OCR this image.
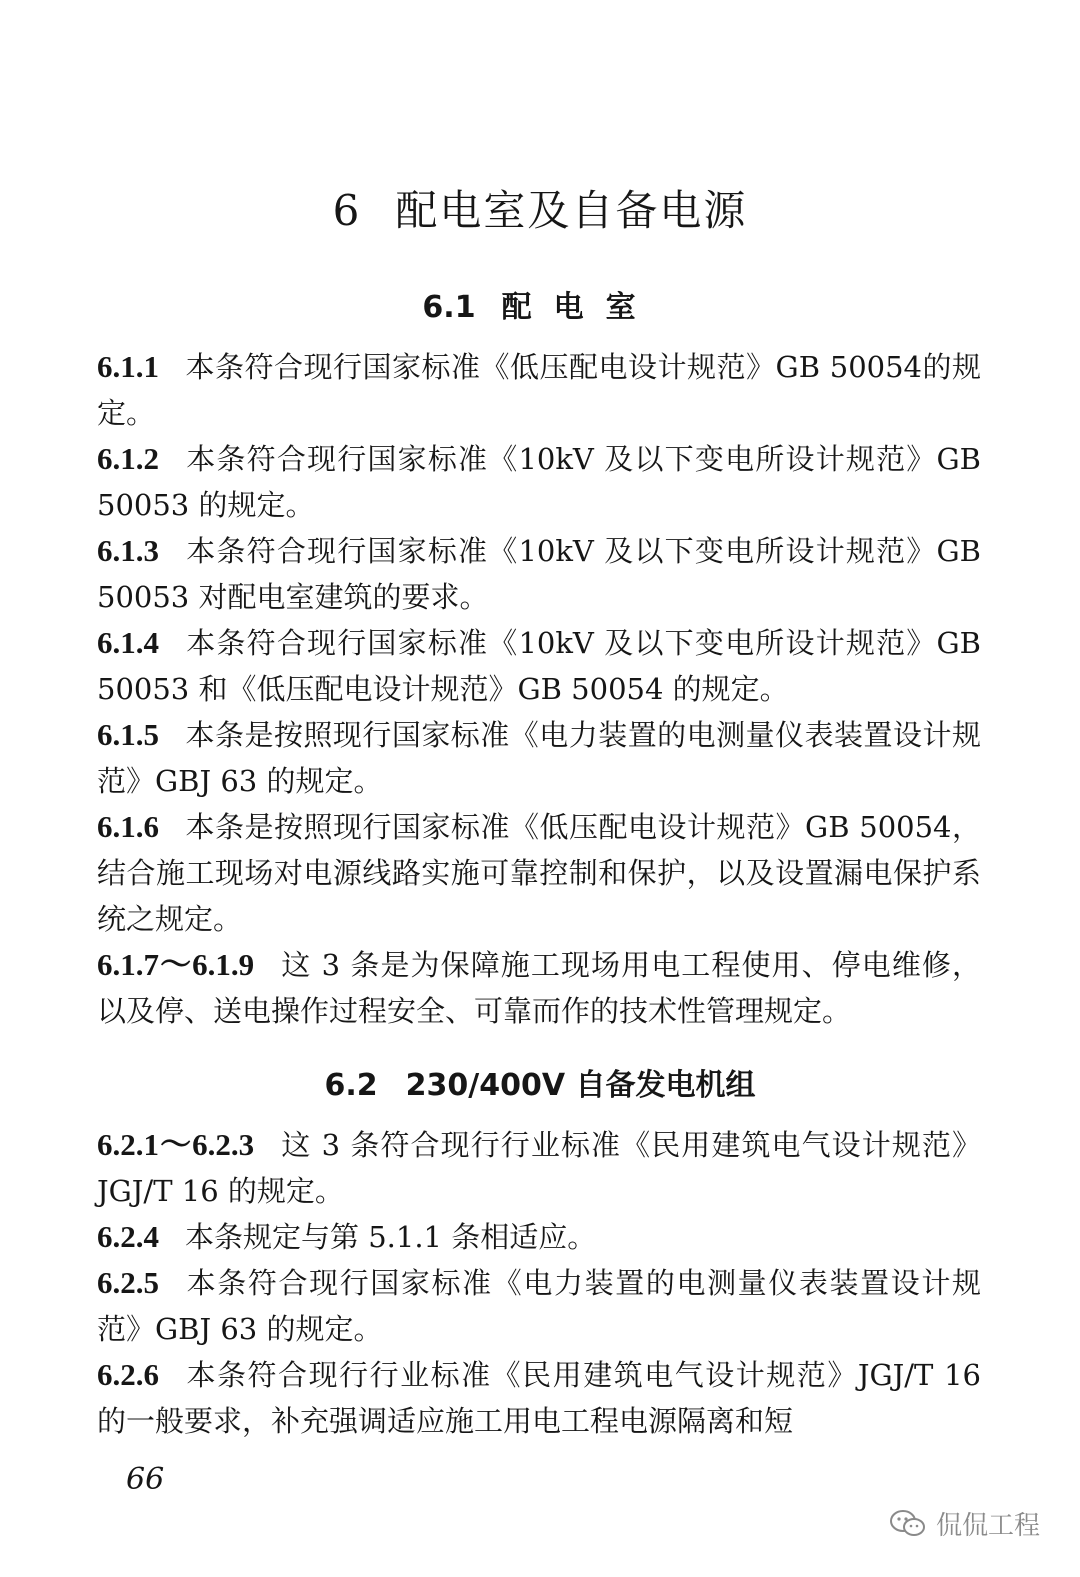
6 配电室及自备电源
6.1 配电室

6.1.1 本条符合现行国家标准《低压配电设计规范》GB 50054的规定。

6.1.2 本条符合现行国家标准《10kV 及以下变电所设计规范》GB 50053 的规定。

6.1.3 本条符合现行国家标准《10kV 及以下变电所设计规范》GB 50053 对配电室建筑的要求。

6.1.4 本条符合现行国家标准《10kV 及以下变电所设计规范》GB 50053 和《低压配电设计规范》GB 50054 的规定。

6.1.5 本条是按照现行国家标准《电力装置的电测量仪表装置设计规范》GBJ 63 的规定。

6.1.6 本条是按照现行国家标准《低压配电设计规范》GB 50054，结合施工现场对电源线路实施可靠控制和保护，以及设置漏电保护系统之规定。

6.1.7～6.1.9 这 3 条是为保障施工现场用电工程使用、停电维修，以及停、送电操作过程安全、可靠而作的技术性管理规定。

6.2 230/400V 自备发电机组

6.2.1～6.2.3 这 3 条符合现行行业标准《民用建筑电气设计规范》JGJ/T 16 的规定。

6.2.4 本条规定与第 5.1.1 条相适应。

6.2.5 本条符合现行国家标准《电力装置的电测量仪表装置设计规范》GBJ 63 的规定。

6.2.6 本条符合现行行业标准《民用建筑电气设计规范》JGJ/T 16 的一般要求，补充强调适应施工用电工程电源隔离和短

66
侃侃工程
